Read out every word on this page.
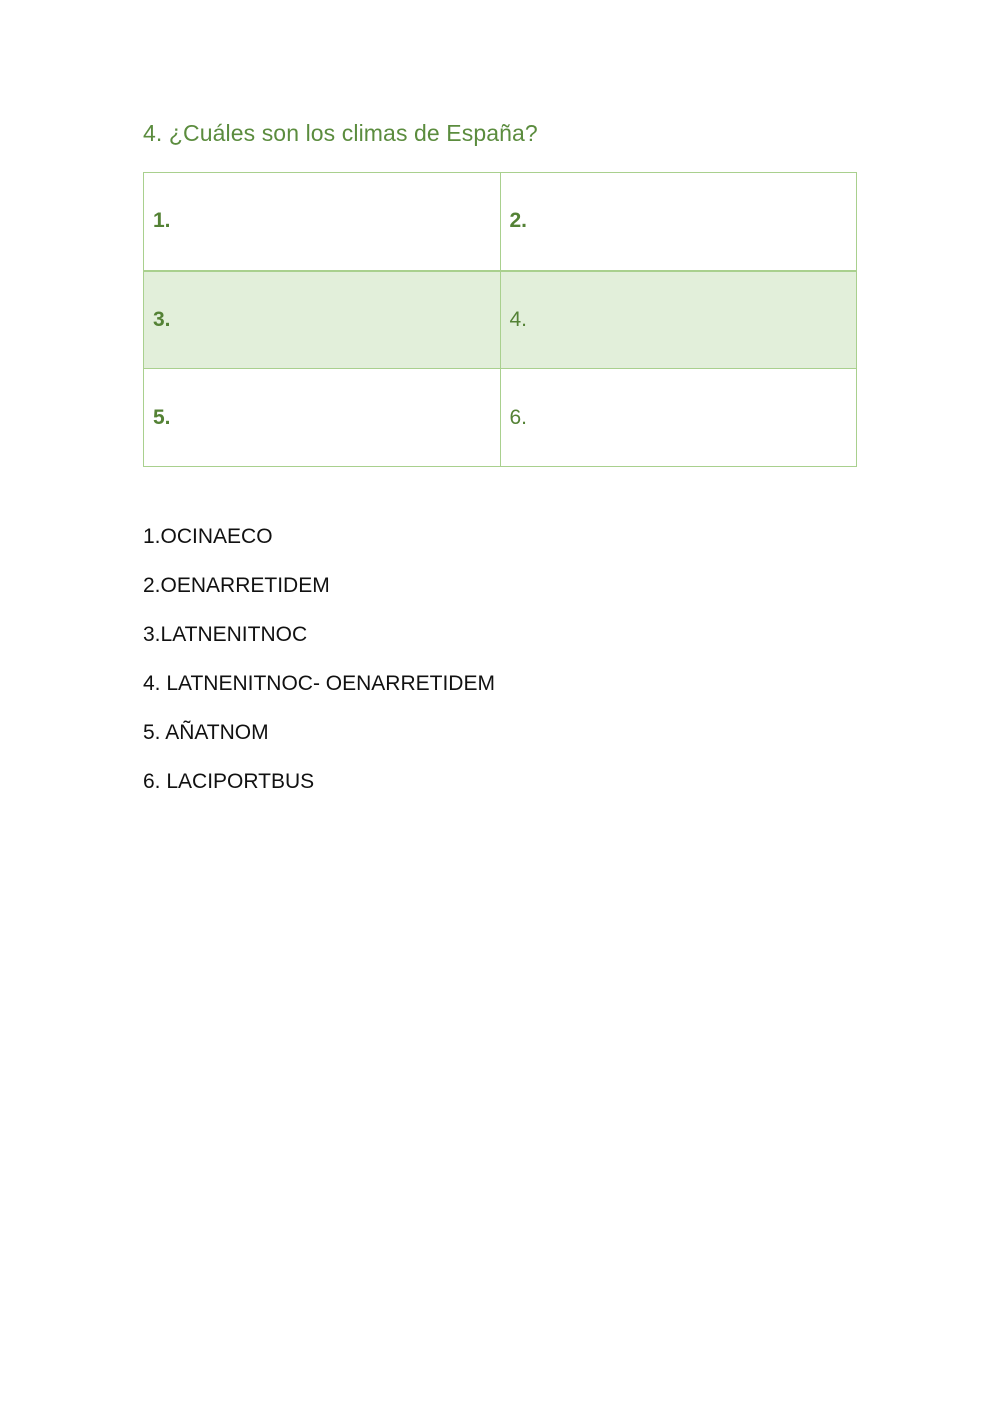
4. ¿Cuáles son los climas de España?
1.	2.
3.	4.
5.	6.
1.OCINAECO
2.OENARRETIDEM
3.LATNENITNOC
4. LATNENITNOC- OENARRETIDEM
5. AÑATNOM
6. LACIPORTBUS
